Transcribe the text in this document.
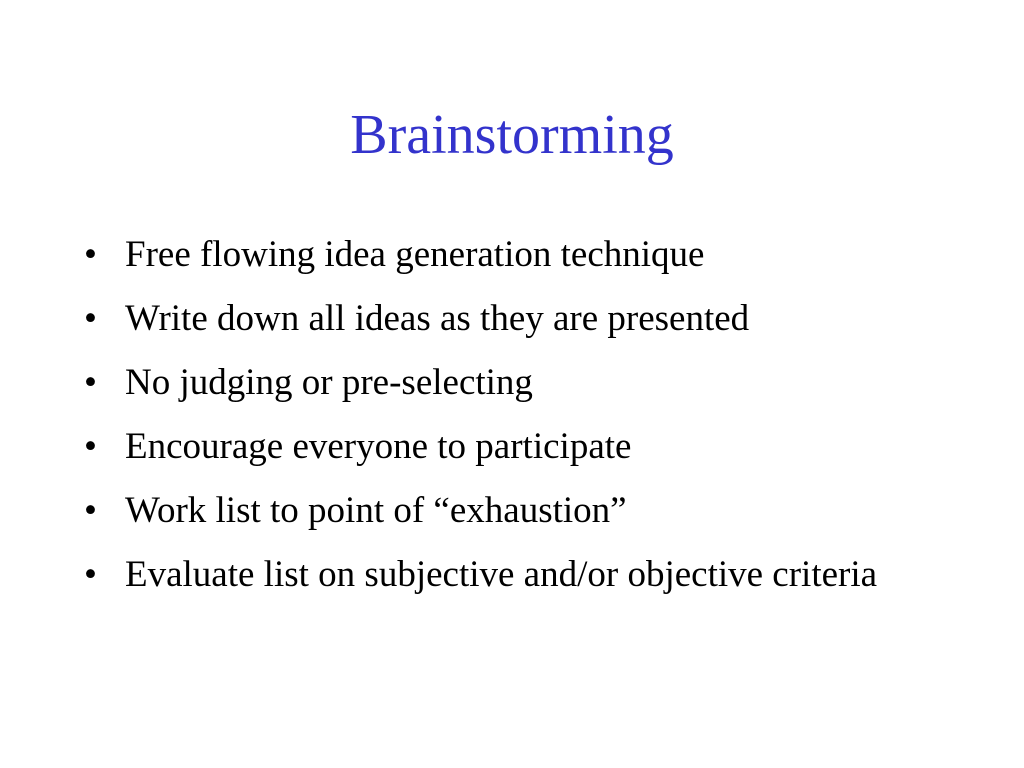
Brainstorming
• Free flowing idea generation technique
• Write down all ideas as they are presented
• No judging or pre-selecting
• Encourage everyone to participate
• Work list to point of “exhaustion”
• Evaluate list on subjective and/or objective criteria
